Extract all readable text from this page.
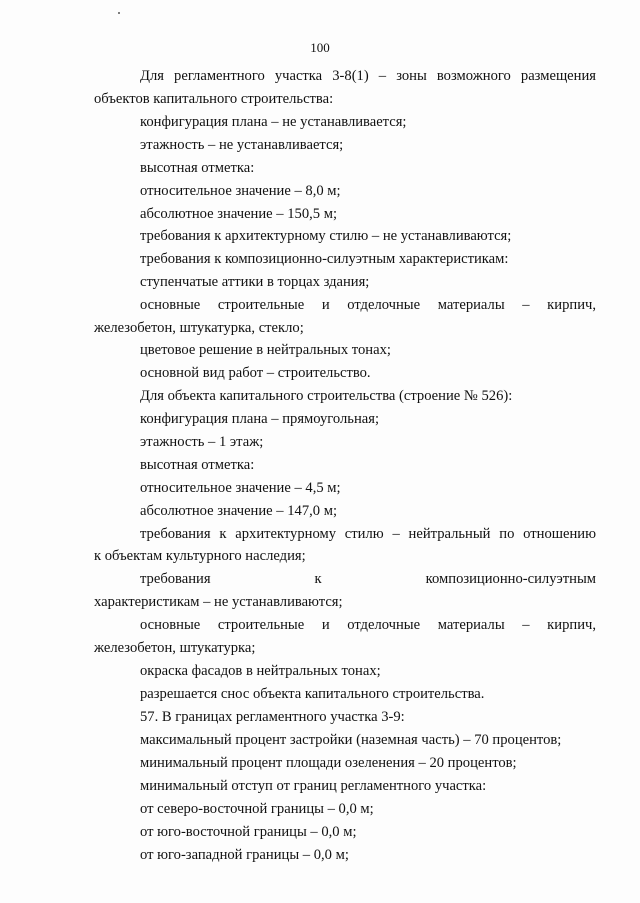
100
Для регламентного участка 3-8(1) – зоны возможного размещения
объектов капитального строительства:
конфигурация плана – не устанавливается;
этажность – не устанавливается;
высотная отметка:
относительное значение – 8,0 м;
абсолютное значение – 150,5 м;
требования к архитектурному стилю – не устанавливаются;
требования к композиционно-силуэтным характеристикам:
ступенчатые аттики в торцах здания;
основные строительные и отделочные материалы – кирпич,
железобетон, штукатурка, стекло;
цветовое решение в нейтральных тонах;
основной вид работ – строительство.
Для объекта капитального строительства (строение № 526):
конфигурация плана – прямоугольная;
этажность – 1 этаж;
высотная отметка:
относительное значение – 4,5 м;
абсолютное значение – 147,0 м;
требования к архитектурному стилю – нейтральный по отношению
к объектам культурного наследия;
требования к композиционно-силуэтным
характеристикам – не устанавливаются;
основные строительные и отделочные материалы – кирпич,
железобетон, штукатурка;
окраска фасадов в нейтральных тонах;
разрешается снос объекта капитального строительства.
57. В границах регламентного участка 3-9:
максимальный процент застройки (наземная часть) – 70 процентов;
минимальный процент площади озеленения – 20 процентов;
минимальный отступ от границ регламентного участка:
от северо-восточной границы – 0,0 м;
от юго-восточной границы – 0,0 м;
от юго-западной границы – 0,0 м;
